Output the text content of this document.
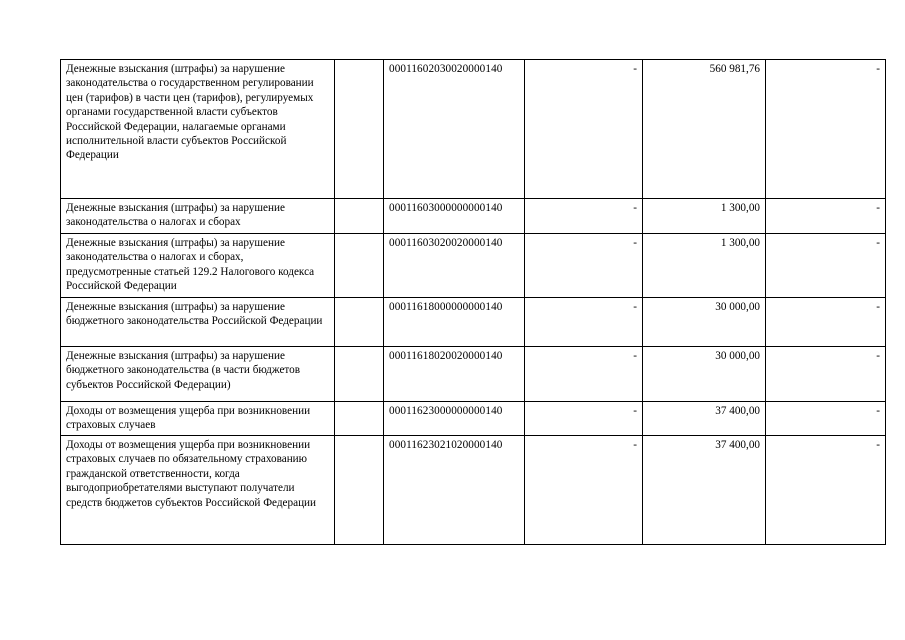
Денежные взыскания (штрафы) за нарушение законодательства о государственном регулировании цен (тарифов) в части цен (тарифов), регулируемых органами государственной власти субъектов Российской Федерации, налагаемые органами исполнительной власти субъектов Российской Федерации		00011602030020000140	-	560 981,76	-
Денежные взыскания (штрафы) за нарушение законодательства о налогах и сборах		00011603000000000140	-	1 300,00	-
Денежные взыскания (штрафы) за нарушение законодательства о налогах и сборах, предусмотренные статьей 129.2 Налогового кодекса Российской Федерации		00011603020020000140	-	1 300,00	-
Денежные взыскания (штрафы) за нарушение бюджетного законодательства Российской Федерации		00011618000000000140	-	30 000,00	-
Денежные взыскания (штрафы) за нарушение бюджетного законодательства (в части бюджетов субъектов Российской Федерации)		00011618020020000140	-	30 000,00	-
Доходы от возмещения ущерба при возникновении страховых случаев		00011623000000000140	-	37 400,00	-
Доходы от возмещения ущерба при возникновении страховых случаев по обязательному страхованию гражданской ответственности, когда выгодоприобретателями выступают получатели средств бюджетов субъектов Российской Федерации		00011623021020000140	-	37 400,00	-
